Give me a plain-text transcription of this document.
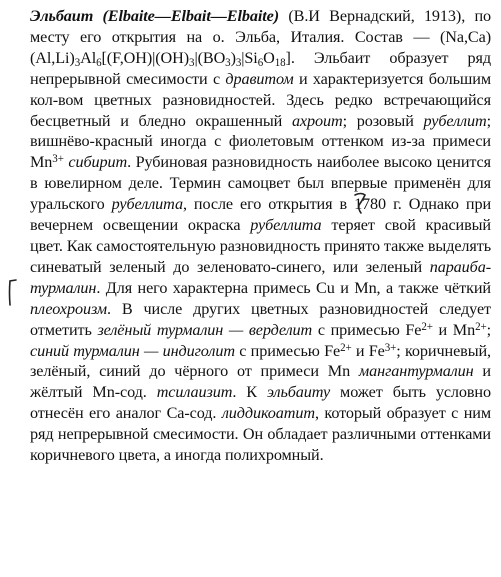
Эльбаит (Elbaite—Elbait—Elbaite) (В.И Вернадский, 1913), по месту его открытия на о. Эльба, Италия. Состав — $(Na,Ca)(Al,Li)_3Al_6[(F,OH)|(OH)_3|(BO_3)_3|Si_6O_{18}]$. Эльбаит образует ряд непрерывной смесимости с дравитом и характеризуется большим кол-вом цветных разновидностей. Здесь редко встречающийся бесцветный и бледно окрашенный ахроит; розовый рубеллит; вишнёво-красный иногда с фиолетовым оттенком из-за примеси $Mn^{3+}$ сибирит. Рубиновая разновидность наиболее высоко ценится в ювелирном деле. Термин самоцвет был впервые применён для уральского рубеллита, после его открытия в 1780
г. Однако при вечернем освещении окраска рубеллита теряет свой красивый цвет. Как самостоятельную разновидность принято также выделять синеватый зеленый до зеленовато-синего, или зеленый параиба-турмалин. Для него характерна примесь Cu и Mn, а также чёткий плеохроизм. В числе других цветных разновидностей следует отметить зелёный турмалин — верделит с примесью $Fe^{2+}$ и $Mn^{2+}$; синий турмалин — индиголит с примесью $Fe^{2+}$ и $Fe^{3+}$; коричневый, зелёный, синий до чёрного от примеси Mn мангантурмалин и жёлтый Mn-сод. тсилаизит. К эльбаиту может быть условно отнесён его аналог Са-сод. лиддикоатит, который образует с ним ряд непрерывной смесимости. Он обладает различными оттенками коричневого цвета, а иногда полихромный.
